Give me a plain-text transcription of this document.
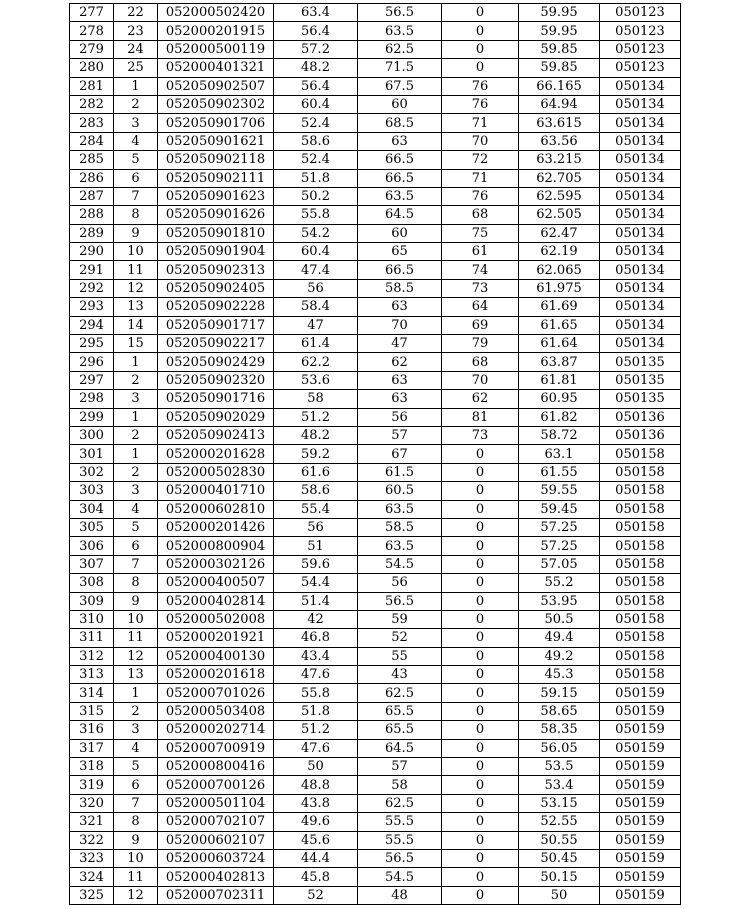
277	22	052000502420	63.4	56.5	0	59.95	050123
278	23	052000201915	56.4	63.5	0	59.95	050123
279	24	052000500119	57.2	62.5	0	59.85	050123
280	25	052000401321	48.2	71.5	0	59.85	050123
281	1	052050902507	56.4	67.5	76	66.165	050134
282	2	052050902302	60.4	60	76	64.94	050134
283	3	052050901706	52.4	68.5	71	63.615	050134
284	4	052050901621	58.6	63	70	63.56	050134
285	5	052050902118	52.4	66.5	72	63.215	050134
286	6	052050902111	51.8	66.5	71	62.705	050134
287	7	052050901623	50.2	63.5	76	62.595	050134
288	8	052050901626	55.8	64.5	68	62.505	050134
289	9	052050901810	54.2	60	75	62.47	050134
290	10	052050901904	60.4	65	61	62.19	050134
291	11	052050902313	47.4	66.5	74	62.065	050134
292	12	052050902405	56	58.5	73	61.975	050134
293	13	052050902228	58.4	63	64	61.69	050134
294	14	052050901717	47	70	69	61.65	050134
295	15	052050902217	61.4	47	79	61.64	050134
296	1	052050902429	62.2	62	68	63.87	050135
297	2	052050902320	53.6	63	70	61.81	050135
298	3	052050901716	58	63	62	60.95	050135
299	1	052050902029	51.2	56	81	61.82	050136
300	2	052050902413	48.2	57	73	58.72	050136
301	1	052000201628	59.2	67	0	63.1	050158
302	2	052000502830	61.6	61.5	0	61.55	050158
303	3	052000401710	58.6	60.5	0	59.55	050158
304	4	052000602810	55.4	63.5	0	59.45	050158
305	5	052000201426	56	58.5	0	57.25	050158
306	6	052000800904	51	63.5	0	57.25	050158
307	7	052000302126	59.6	54.5	0	57.05	050158
308	8	052000400507	54.4	56	0	55.2	050158
309	9	052000402814	51.4	56.5	0	53.95	050158
310	10	052000502008	42	59	0	50.5	050158
311	11	052000201921	46.8	52	0	49.4	050158
312	12	052000400130	43.4	55	0	49.2	050158
313	13	052000201618	47.6	43	0	45.3	050158
314	1	052000701026	55.8	62.5	0	59.15	050159
315	2	052000503408	51.8	65.5	0	58.65	050159
316	3	052000202714	51.2	65.5	0	58.35	050159
317	4	052000700919	47.6	64.5	0	56.05	050159
318	5	052000800416	50	57	0	53.5	050159
319	6	052000700126	48.8	58	0	53.4	050159
320	7	052000501104	43.8	62.5	0	53.15	050159
321	8	052000702107	49.6	55.5	0	52.55	050159
322	9	052000602107	45.6	55.5	0	50.55	050159
323	10	052000603724	44.4	56.5	0	50.45	050159
324	11	052000402813	45.8	54.5	0	50.15	050159
325	12	052000702311	52	48	0	50	050159
